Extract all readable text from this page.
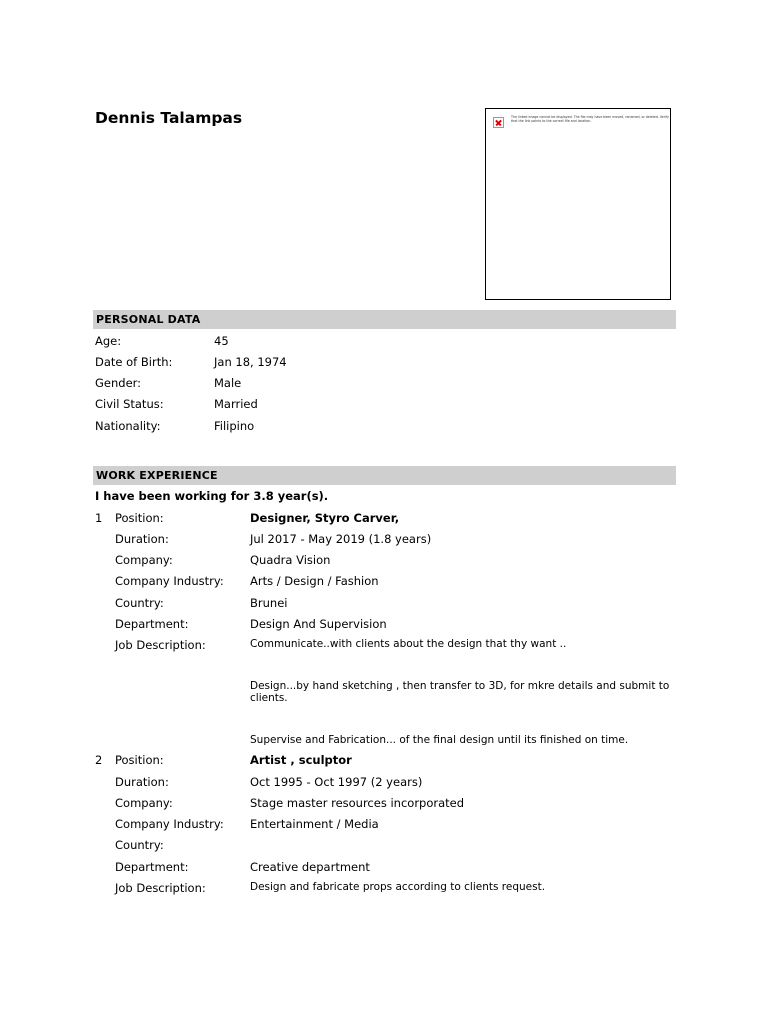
Dennis Talampas	The linked image cannot be displayed. The file may have been moved, renamed, or deleted. Verify that the link points to the correct file and location.
PERSONAL DATA
Age:	45
Date of Birth:	Jan 18, 1974
Gender:	Male
Civil Status:	Married
Nationality:	Filipino
WORK EXPERIENCE
I have been working for 3.8 year(s).
1 Position:	Designer, Styro Carver,
Duration:	Jul 2017 - May 2019 (1.8 years)
Company:	Quadra Vision
Company Industry: Arts / Design / Fashion
Country:	Brunei
Department:	Design And Supervision
Job Description:	Communicate..with clients about the design that thy want ..
Design...by hand sketching , then transfer to 3D, for mkre details and submit to clients.
Supervise and Fabrication... of the final design until its finished on time.
2 Position:	Artist , sculptor
Duration:	Oct 1995 - Oct 1997 (2 years)
Company:	Stage master resources incorporated
Company Industry: Entertainment / Media
Country:
Department:	Creative department
Job Description:	Design and fabricate props according to clients request.
